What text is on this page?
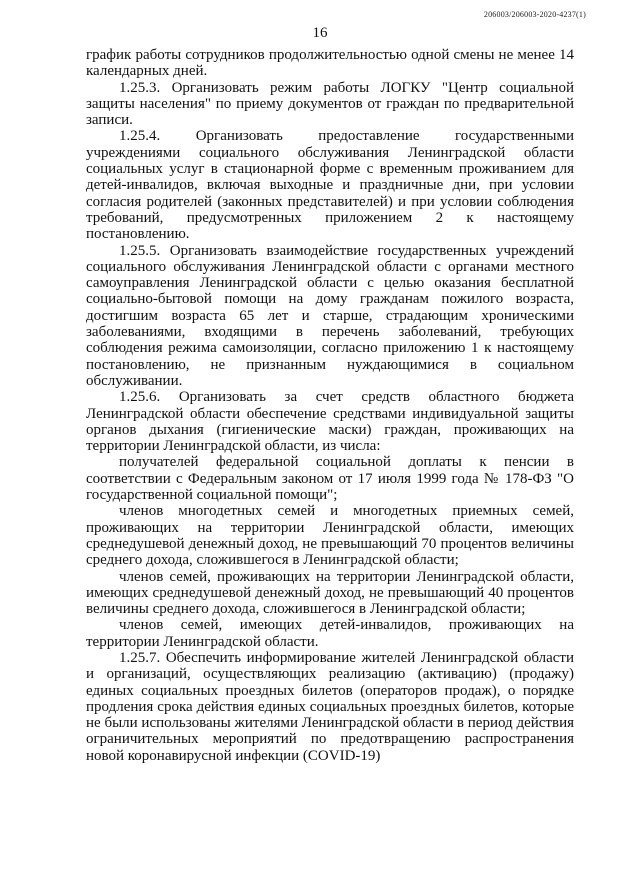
206003/206003-2020-4237(1)
16

график работы сотрудников продолжительностью одной смены не менее 14 календарных дней.

1.25.3. Организовать режим работы ЛОГКУ "Центр социальной защиты населения" по приему документов от граждан по предварительной записи.

1.25.4. Организовать предоставление государственными учреждениями социального обслуживания Ленинградской области социальных услуг в стационарной форме с временным проживанием для детей-инвалидов, включая выходные и праздничные дни, при условии согласия родителей (законных представителей) и при условии соблюдения требований, предусмотренных приложением 2 к настоящему постановлению.

1.25.5. Организовать взаимодействие государственных учреждений социального обслуживания Ленинградской области с органами местного самоуправления Ленинградской области с целью оказания бесплатной социально-бытовой помощи на дому гражданам пожилого возраста, достигшим возраста 65 лет и старше, страдающим хроническими заболеваниями, входящими в перечень заболеваний, требующих соблюдения режима самоизоляции, согласно приложению 1 к настоящему постановлению, не признанным нуждающимися в социальном обслуживании.

1.25.6. Организовать за счет средств областного бюджета Ленинградской области обеспечение средствами индивидуальной защиты органов дыхания (гигиенические маски) граждан, проживающих на территории Ленинградской области, из числа:

получателей федеральной социальной доплаты к пенсии в соответствии с Федеральным законом от 17 июля 1999 года № 178-ФЗ "О государственной социальной помощи";

членов многодетных семей и многодетных приемных семей, проживающих на территории Ленинградской области, имеющих среднедушевой денежный доход, не превышающий 70 процентов величины среднего дохода, сложившегося в Ленинградской области;

членов семей, проживающих на территории Ленинградской области, имеющих среднедушевой денежный доход, не превышающий 40 процентов величины среднего дохода, сложившегося в Ленинградской области;

членов семей, имеющих детей-инвалидов, проживающих на территории Ленинградской области.

1.25.7. Обеспечить информирование жителей Ленинградской области и организаций, осуществляющих реализацию (активацию) (продажу) единых социальных проездных билетов (операторов продаж), о порядке продления срока действия единых социальных проездных билетов, которые не были использованы жителями Ленинградской области в период действия ограничительных мероприятий по предотвращению распространения новой коронавирусной инфекции (COVID-19)
